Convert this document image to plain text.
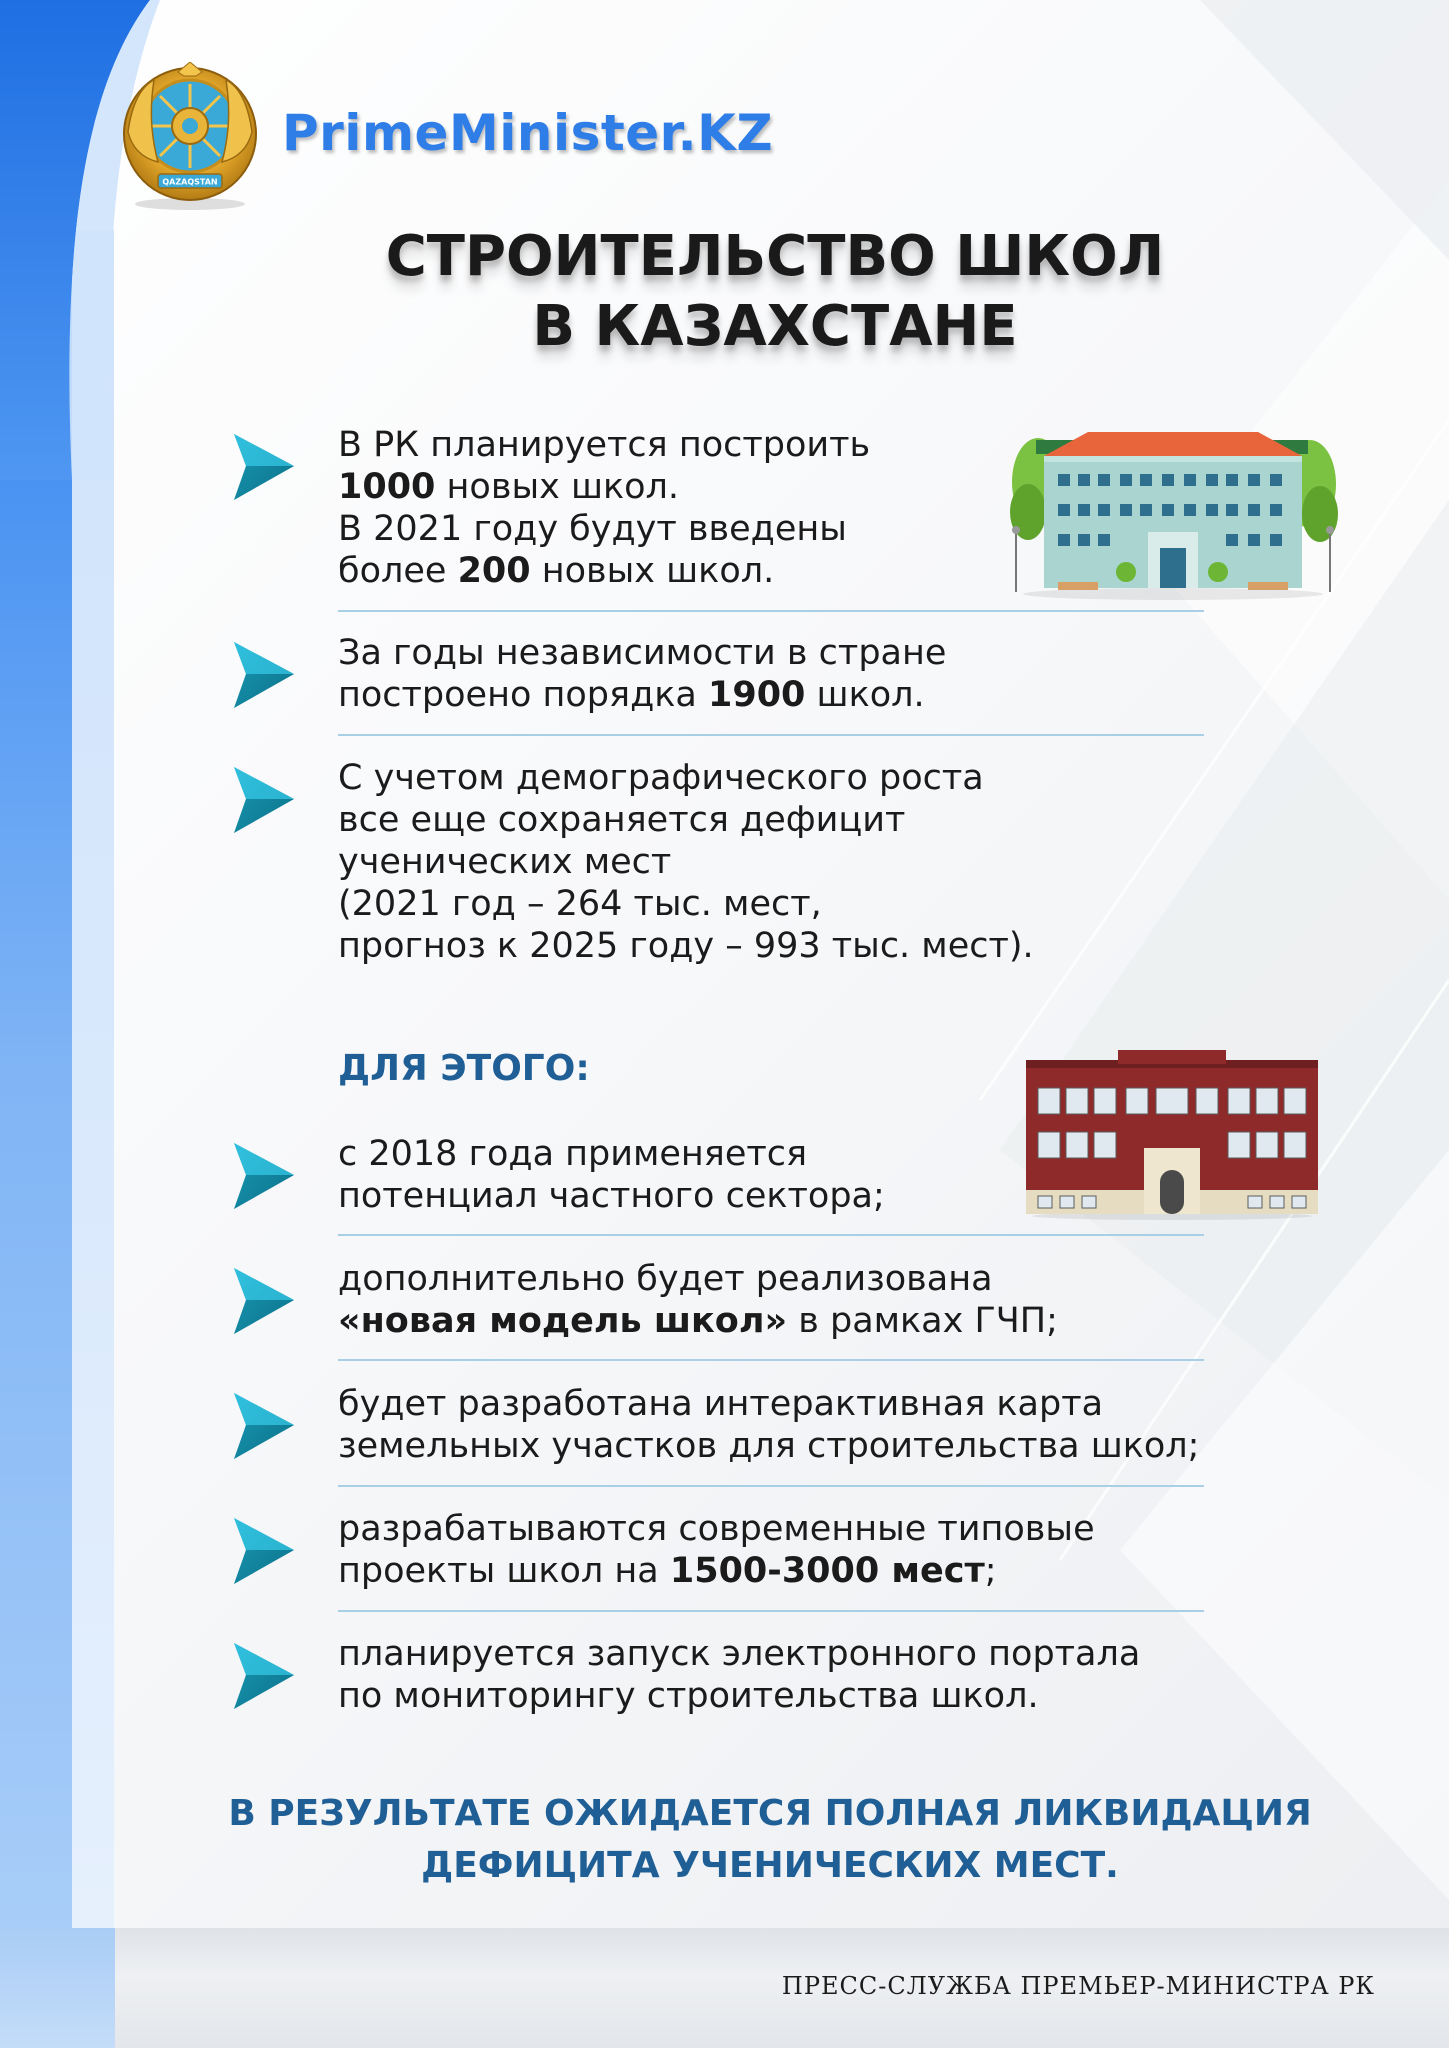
QAZAQSTAN
PrimeMinister.KZ
СТРОИТЕЛЬСТВО ШКОЛ
В КАЗАХСТАНЕ
В РК планируется построить
1000 новых школ.
В 2021 году будут введены
более 200 новых школ.
За годы независимости в стране
построено порядка 1900 школ.
С учетом демографического роста
все еще сохраняется дефицит
ученических мест
(2021 год – 264 тыс. мест,
прогноз к 2025 году – 993 тыс. мест).
ДЛЯ ЭТОГО:
с 2018 года применяется
потенциал частного сектора;
дополнительно будет реализована
«новая модель школ» в рамках ГЧП;
будет разработана интерактивная карта
земельных участков для строительства школ;
разрабатываются современные типовые
проекты школ на 1500-3000 мест;
планируется запуск электронного портала
по мониторингу строительства школ.
В РЕЗУЛЬТАТЕ ОЖИДАЕТСЯ ПОЛНАЯ ЛИКВИДАЦИЯ
ДЕФИЦИТА УЧЕНИЧЕСКИХ МЕСТ.
ПРЕСС-СЛУЖБА ПРЕМЬЕР-МИНИСТРА РК
